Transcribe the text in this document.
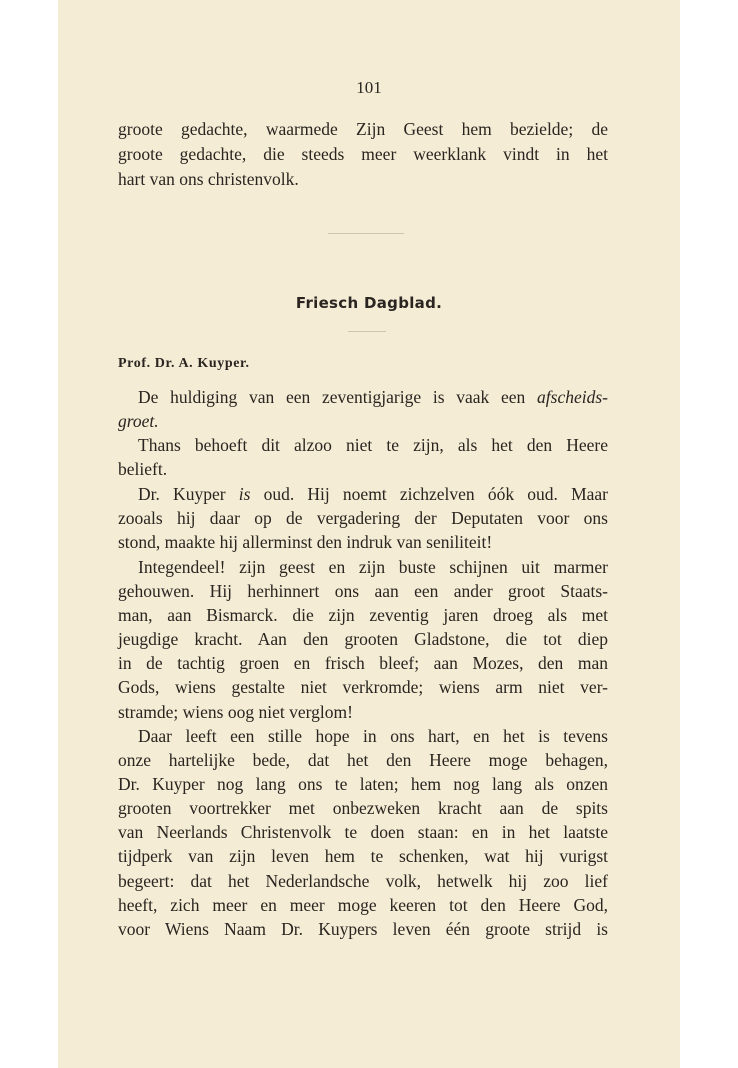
101
groote gedachte, waarmede Zijn Geest hem bezielde; de
groote gedachte, die steeds meer weerklank vindt in het
hart van ons christenvolk.
Friesch Dagblad.
Prof. Dr. A. Kuyper.
De huldiging van een zeventigjarige is vaak een afscheids-
groet.
Thans behoeft dit alzoo niet te zijn, als het den Heere
belieft.
Dr. Kuyper is oud. Hij noemt zichzelven óók oud. Maar
zooals hij daar op de vergadering der Deputaten voor ons
stond, maakte hij allerminst den indruk van seniliteit!
Integendeel! zijn geest en zijn buste schijnen uit marmer
gehouwen. Hij herhinnert ons aan een ander groot Staats-
man, aan Bismarck. die zijn zeventig jaren droeg als met
jeugdige kracht. Aan den grooten Gladstone, die tot diep
in de tachtig groen en frisch bleef; aan Mozes, den man
Gods, wiens gestalte niet verkromde; wiens arm niet ver-
stramde; wiens oog niet verglom!
Daar leeft een stille hope in ons hart, en het is tevens
onze hartelijke bede, dat het den Heere moge behagen,
Dr. Kuyper nog lang ons te laten; hem nog lang als onzen
grooten voortrekker met onbezweken kracht aan de spits
van Neerlands Christenvolk te doen staan: en in het laatste
tijdperk van zijn leven hem te schenken, wat hij vurigst
begeert: dat het Nederlandsche volk, hetwelk hij zoo lief
heeft, zich meer en meer moge keeren tot den Heere God,
voor Wiens Naam Dr. Kuypers leven één groote strijd is
